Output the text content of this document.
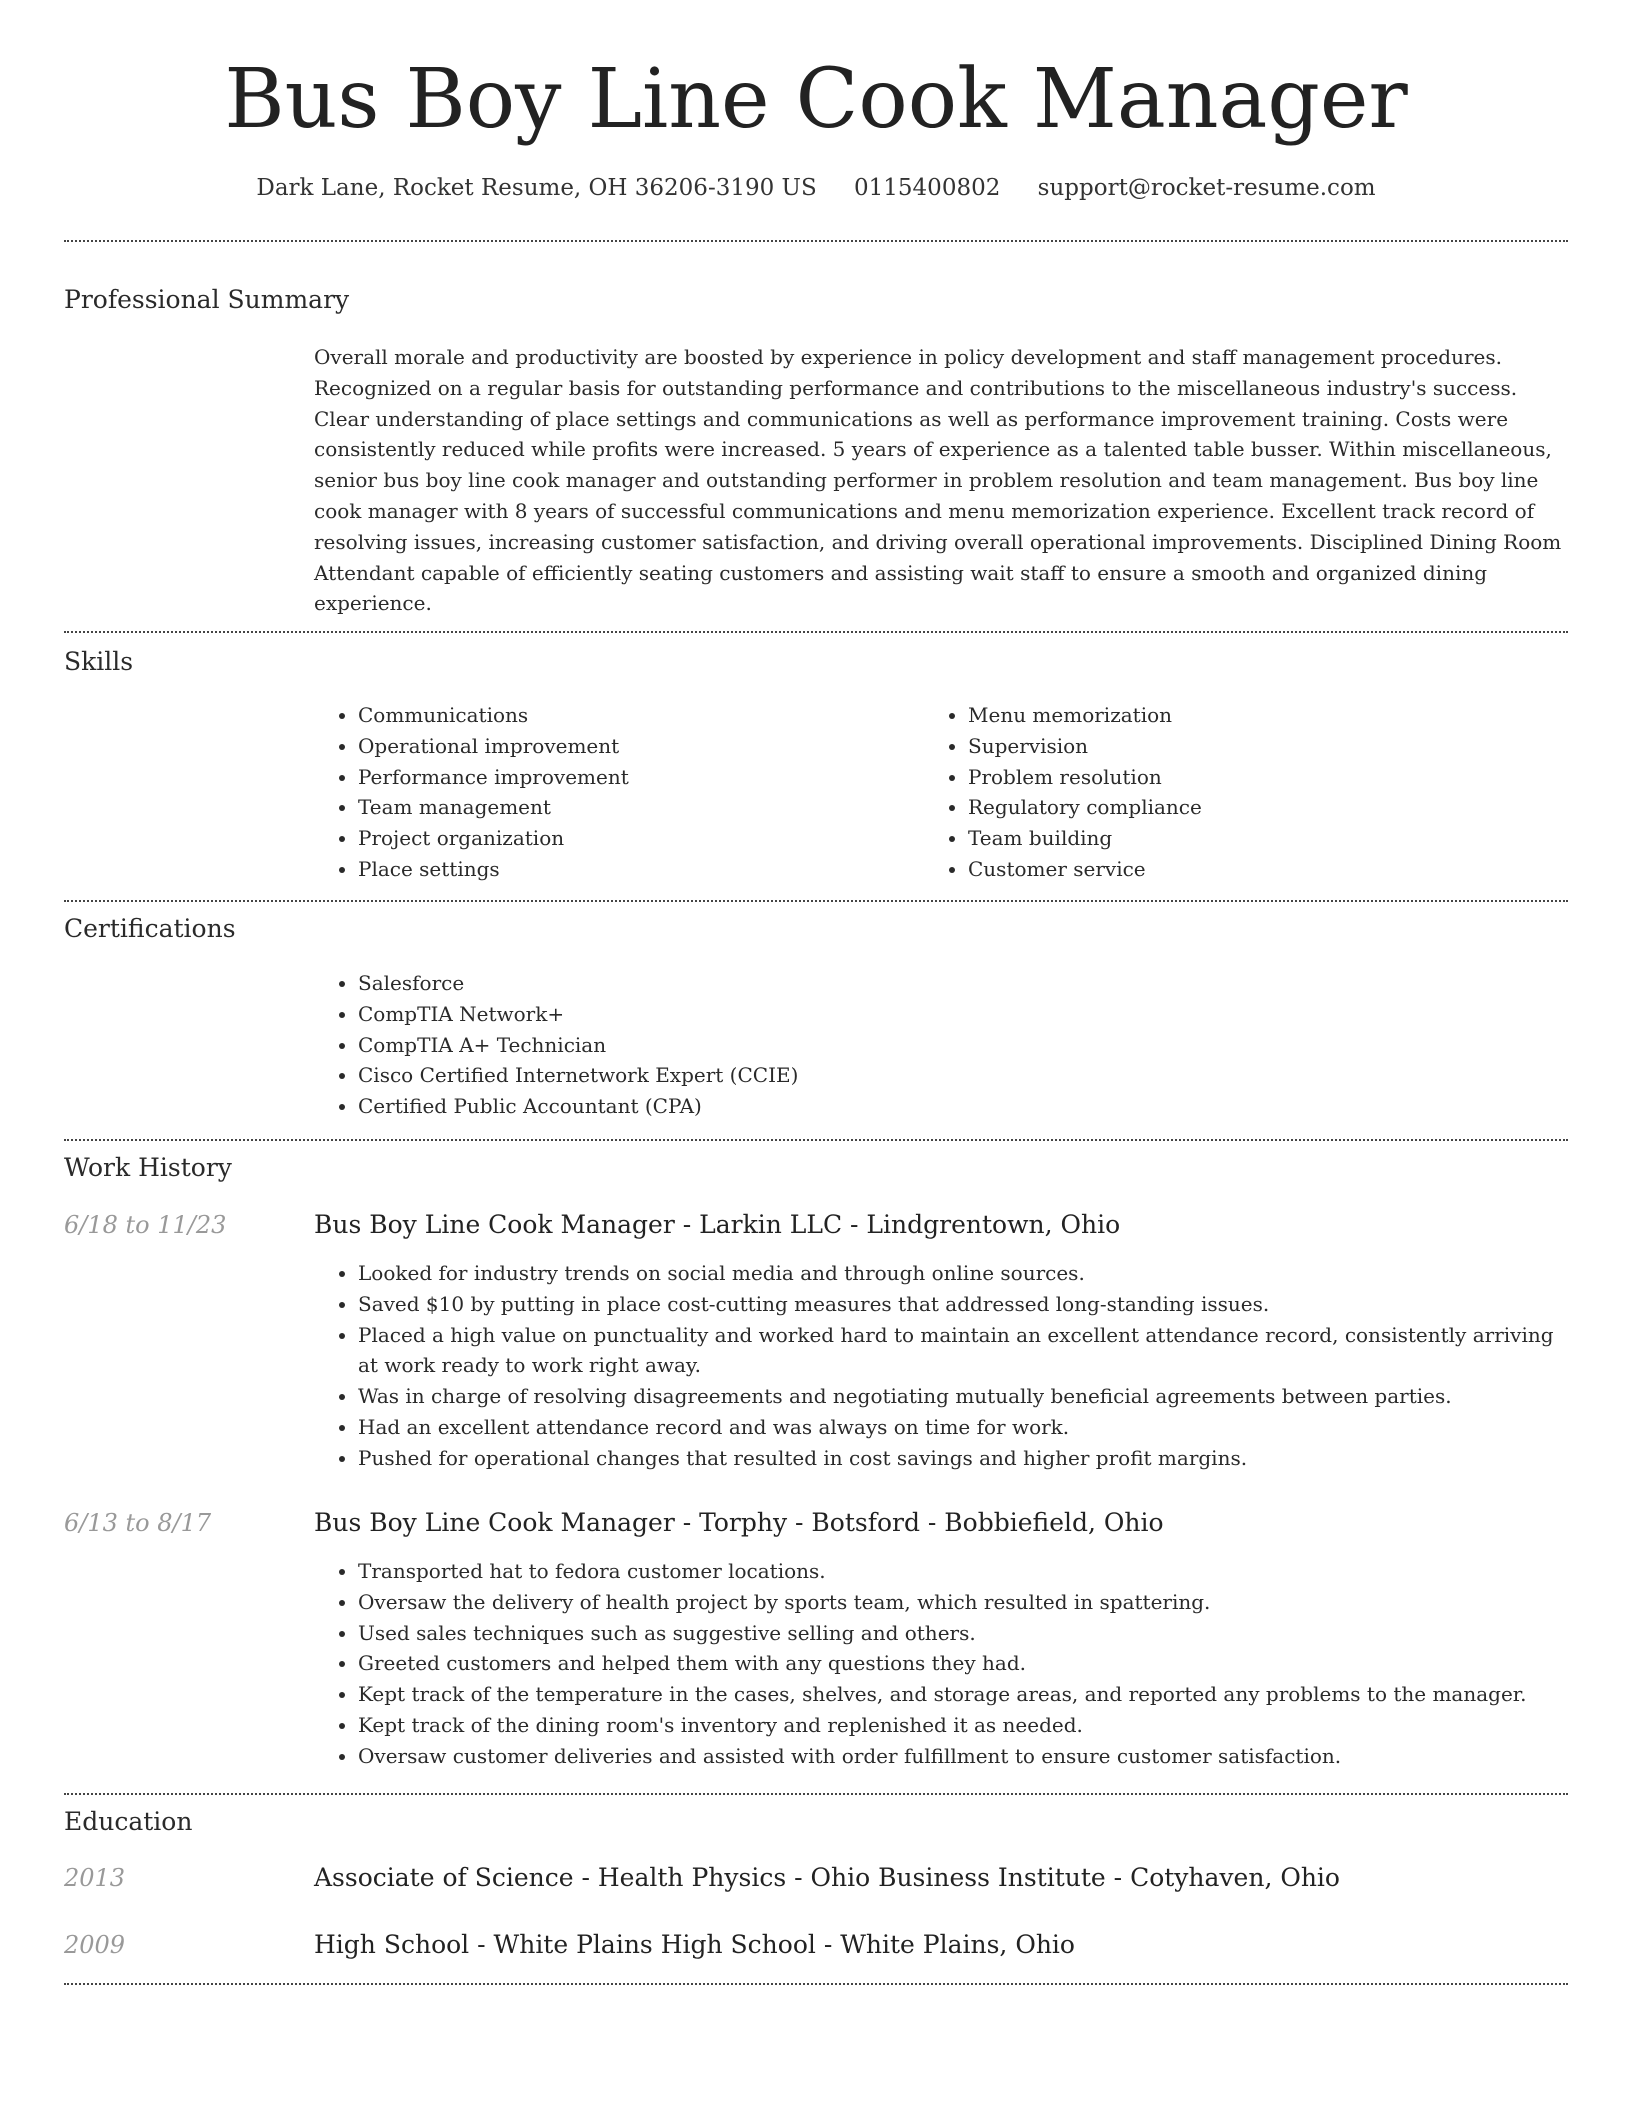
Bus Boy Line Cook Manager
Dark Lane, Rocket Resume, OH 36206-3190 US 0115400802 support@rocket-resume.com
Professional Summary

Overall morale and productivity are boosted by experience in policy development and staff management procedures. Recognized on a regular basis for outstanding performance and contributions to the miscellaneous industry's success. Clear understanding of place settings and communications as well as performance improvement training. Costs were consistently reduced while profits were increased. 5 years of experience as a talented table busser. Within miscellaneous, senior bus boy line cook manager and outstanding performer in problem resolution and team management. Bus boy line cook manager with 8 years of successful communications and menu memorization experience. Excellent track record of resolving issues, increasing customer satisfaction, and driving overall operational improvements. Disciplined Dining Room Attendant capable of efficiently seating customers and assisting wait staff to ensure a smooth and organized dining experience.

Skills
• Communications
• Operational improvement
• Performance improvement
• Team management
• Project organization
• Place settings
• Menu memorization
• Supervision
• Problem resolution
• Regulatory compliance
• Team building
• Customer service
Certifications
• Salesforce
• CompTIA Network+
• CompTIA A+ Technician
• Cisco Certified Internetwork Expert (CCIE)
• Certified Public Accountant (CPA)
Work History
6/18 to 11/23	Bus Boy Line Cook Manager - Larkin LLC - Lindgrentown, Ohio
• Looked for industry trends on social media and through online sources.
• Saved $10 by putting in place cost-cutting measures that addressed long-standing issues.
• Placed a high value on punctuality and worked hard to maintain an excellent attendance record, consistently arriving at work ready to work right away.
• Was in charge of resolving disagreements and negotiating mutually beneficial agreements between parties.
• Had an excellent attendance record and was always on time for work.
• Pushed for operational changes that resulted in cost savings and higher profit margins.
6/13 to 8/17	Bus Boy Line Cook Manager - Torphy - Botsford - Bobbiefield, Ohio
• Transported hat to fedora customer locations.
• Oversaw the delivery of health project by sports team, which resulted in spattering.
• Used sales techniques such as suggestive selling and others.
• Greeted customers and helped them with any questions they had.
• Kept track of the temperature in the cases, shelves, and storage areas, and reported any problems to the manager.
• Kept track of the dining room's inventory and replenished it as needed.
• Oversaw customer deliveries and assisted with order fulfillment to ensure customer satisfaction.
Education
2013	Associate of Science - Health Physics - Ohio Business Institute - Cotyhaven, Ohio
2009	High School - White Plains High School - White Plains, Ohio
